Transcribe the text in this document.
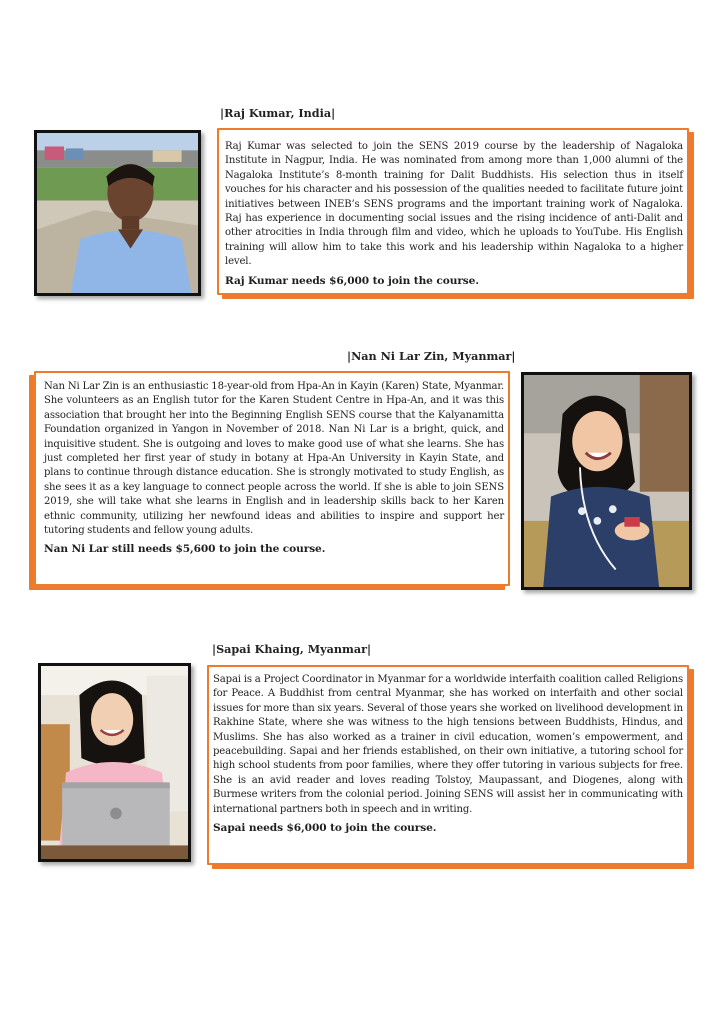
|Raj Kumar, India|

Raj Kumar was selected to join the SENS 2019 course by the leadership of Nagaloka Institute in Nagpur, India. He was nominated from among more than 1,000 alumni of the Nagaloka Institute’s 8-month training for Dalit Buddhists. His selection thus in itself vouches for his character and his possession of the qualities needed to facilitate future joint initiatives between INEB’s SENS programs and the important training work of Nagaloka. Raj has experience in documenting social issues and the rising incidence of anti-Dalit and other atrocities in India through film and video, which he uploads to YouTube. His English training will allow him to take this work and his leadership within Nagaloka to a higher level.

Raj Kumar needs $6,000 to join the course.

|Nan Ni Lar Zin, Myanmar|

Nan Ni Lar Zin is an enthusiastic 18-year-old from Hpa-An in Kayin (Karen) State, Myanmar. She volunteers as an English tutor for the Karen Student Centre in Hpa-An, and it was this association that brought her into the Beginning English SENS course that the Kalyanamitta Foundation organized in Yangon in November of 2018. Nan Ni Lar is a bright, quick, and inquisitive student. She is outgoing and loves to make good use of what she learns. She has just completed her first year of study in botany at Hpa-An University in Kayin State, and plans to continue through distance education. She is strongly motivated to study English, as she sees it as a key language to connect people across the world. If she is able to join SENS 2019, she will take what she learns in English and in leadership skills back to her Karen ethnic community, utilizing her newfound ideas and abilities to inspire and support her tutoring students and fellow young adults.

Nan Ni Lar still needs $5,600 to join the course.

|Sapai Khaing, Myanmar|

Sapai is a Project Coordinator in Myanmar for a worldwide interfaith coalition called Religions for Peace. A Buddhist from central Myanmar, she has worked on interfaith and other social issues for more than six years. Several of those years she worked on livelihood development in Rakhine State, where she was witness to the high tensions between Buddhists, Hindus, and Muslims. She has also worked as a trainer in civil education, women’s empowerment, and peacebuilding. Sapai and her friends established, on their own initiative, a tutoring school for high school students from poor families, where they offer tutoring in various subjects for free. She is an avid reader and loves reading Tolstoy, Maupassant, and Diogenes, along with Burmese writers from the colonial period. Joining SENS will assist her in communicating with international partners both in speech and in writing.

Sapai needs $6,000 to join the course.
